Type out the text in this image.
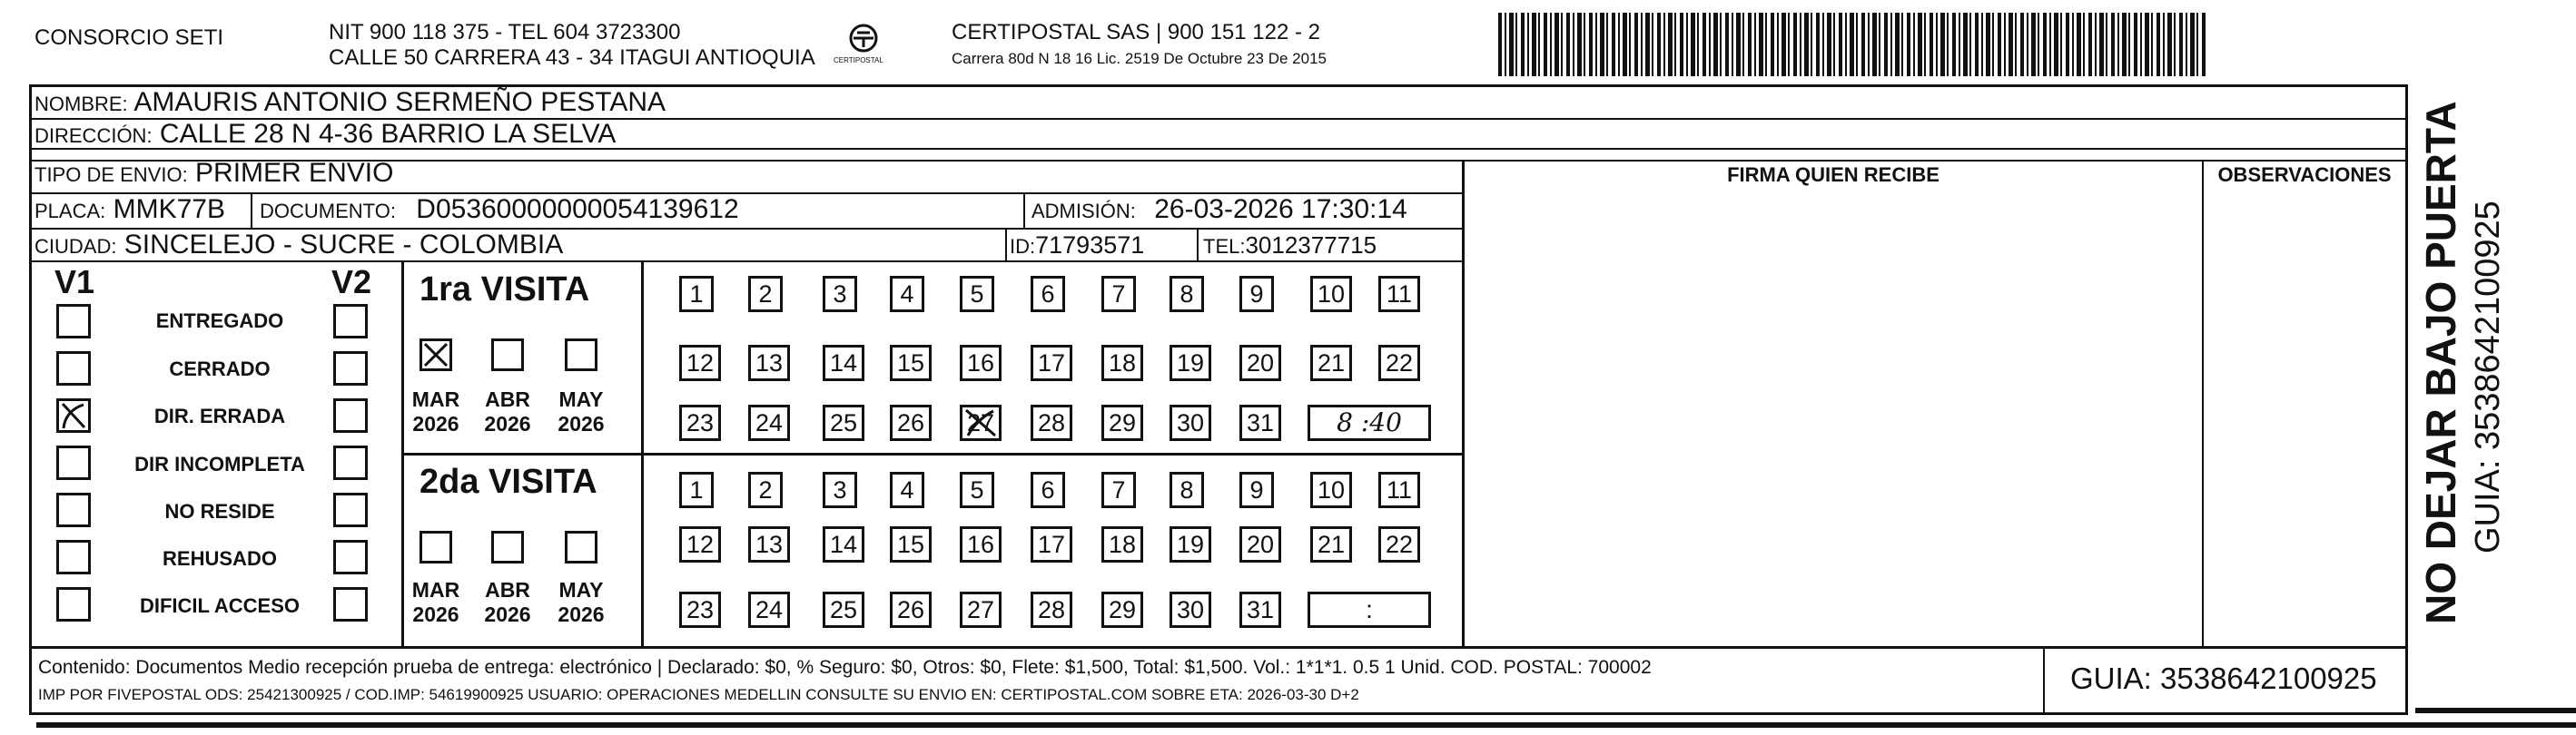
CONSORCIO SETI	NIT 900 118 375 - TEL 604 3723300
CALLE 50 CARRERA 43 - 34 ITAGUI ANTIOQUIA	CERTIPOSTAL
CERTIPOSTAL SAS | 900 151 122 - 2
Carrera 80d N 18 16 Lic. 2519 De Octubre 23 De 2015
NOMBRE: AMAURIS ANTONIO SERMEÑO PESTANA
DIRECCIÓN: CALLE 28 N 4-36 BARRIO LA SELVA
TIPO DE ENVIO: PRIMER ENVIO
PLACA: MMK77B DOCUMENTO: D05360000000054139612	ADMISIÓN: 26-03-2026 17:30:14
CIUDAD: SINCELEJO - SUCRE - COLOMBIA	ID:71793571	TEL:3012377715
FIRMA QUIEN RECIBE	OBSERVACIONES
V1	V2
ENTREGADO
CERRADO
DIR. ERRADA
DIR INCOMPLETA
NO RESIDE
REHUSADO
DIFICIL ACCESO
1ra VISITA
MAR
2026
ABR
2026
MAY
2026
1	2	3	4	5	6	7	8	9	10	11
12 13 14 15 16 17 18 19 20 21 22
23 24 25 26 27 28 29 30 31	8 :40
2da VISITA
MAR
2026
ABR
2026
MAY
2026
1	2	3	4	5	6	7	8	9	10	11
12 13 14 15 16 17 18 19 20 21 22
23 24 25 26 27 28 29 30 31	:	NO DEJAR BAJO PUERTA GUIA: 3538642100925
Contenido: Documentos Medio recepción prueba de entrega: electrónico | Declarado: $0, % Seguro: $0, Otros: $0, Flete: $1,500, Total: $1,500. Vol.: 1*1*1. 0.5 1 Unid. COD. POSTAL: 700002
IMP POR FIVEPOSTAL ODS: 25421300925 / COD.IMP: 54619900925 USUARIO: OPERACIONES MEDELLIN CONSULTE SU ENVIO EN: CERTIPOSTAL.COM SOBRE ETA: 2026-03-30 D+2	GUIA: 3538642100925
